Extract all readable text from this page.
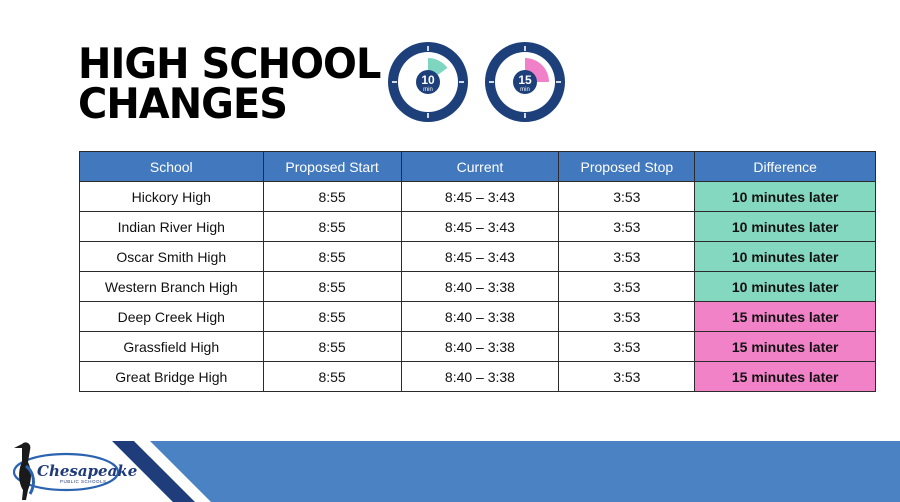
HIGH SCHOOL
CHANGES	10
min
15
min
School	Proposed Start	Current	Proposed Stop	Difference
Hickory High	8:55	8:45 – 3:43	3:53	10 minutes later
Indian River High	8:55	8:45 – 3:43	3:53	10 minutes later
Oscar Smith High	8:55	8:45 – 3:43	3:53	10 minutes later
Western Branch High	8:55	8:40 – 3:38	3:53	10 minutes later
Deep Creek High	8:55	8:40 – 3:38	3:53	15 minutes later
Grassfield High	8:55	8:40 – 3:38	3:53	15 minutes later
Great Bridge High	8:55	8:40 – 3:38	3:53	15 minutes later
Chesapeake
PUBLIC SCHOOLS
